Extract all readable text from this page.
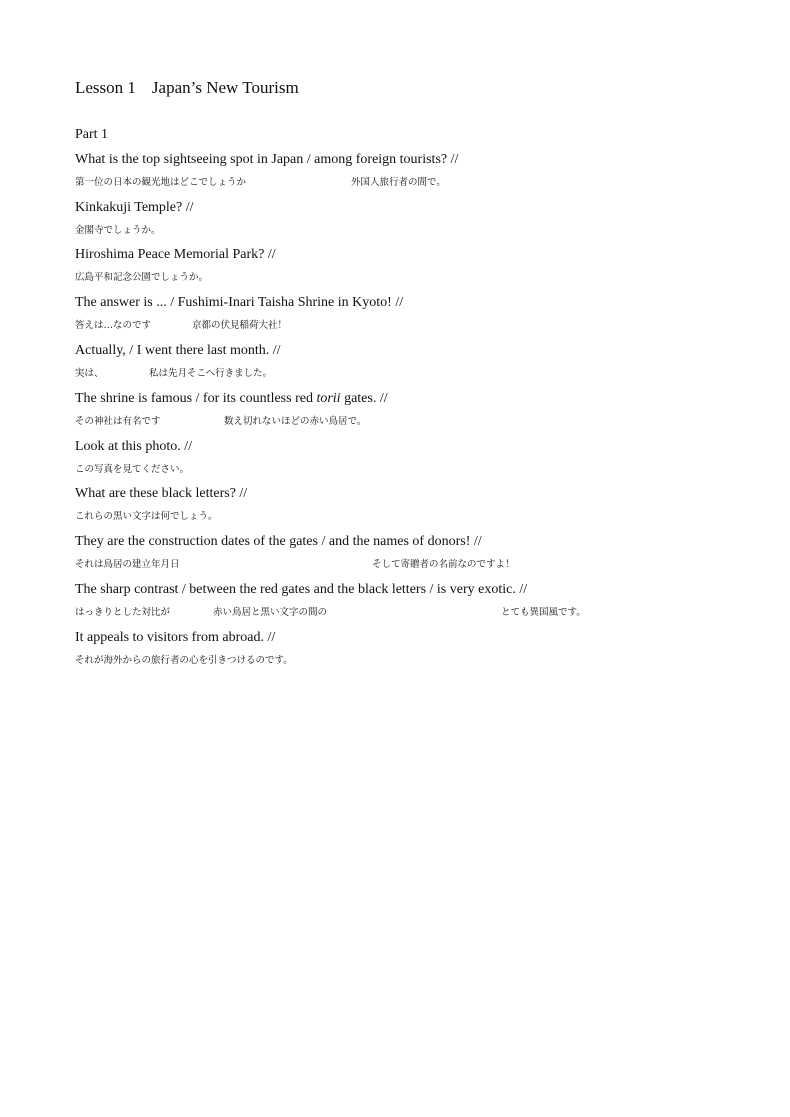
Lesson 1 Japan’s New Tourism
Part 1
What is the top sightseeing spot in Japan / among foreign tourists? //
第一位の日本の観光地はどこでしょうか	外国人旅行者の間で。
Kinkakuji Temple? //
金閣寺でしょうか。
Hiroshima Peace Memorial Park? //
広島平和記念公園でしょうか。
The answer is ... / Fushimi-Inari Taisha Shrine in Kyoto! //
答えは…なのです	京都の伏見稲荷大社！
Actually, / I went there last month. //
実は、	私は先月そこへ行きました。
The shrine is famous / for its countless red torii gates. //
その神社は有名です	数え切れないほどの赤い鳥居で。
Look at this photo. //
この写真を見てください。
What are these black letters? //
これらの黒い文字は何でしょう。
They are the construction dates of the gates / and the names of donors! //
それは鳥居の建立年月日	そして寄贈者の名前なのですよ！
The sharp contrast / between the red gates and the black letters / is very exotic. //
はっきりとした対比が	赤い鳥居と黒い文字の間の	とても異国風です。
It appeals to visitors from abroad. //
それが海外からの旅行者の心を引きつけるのです。
